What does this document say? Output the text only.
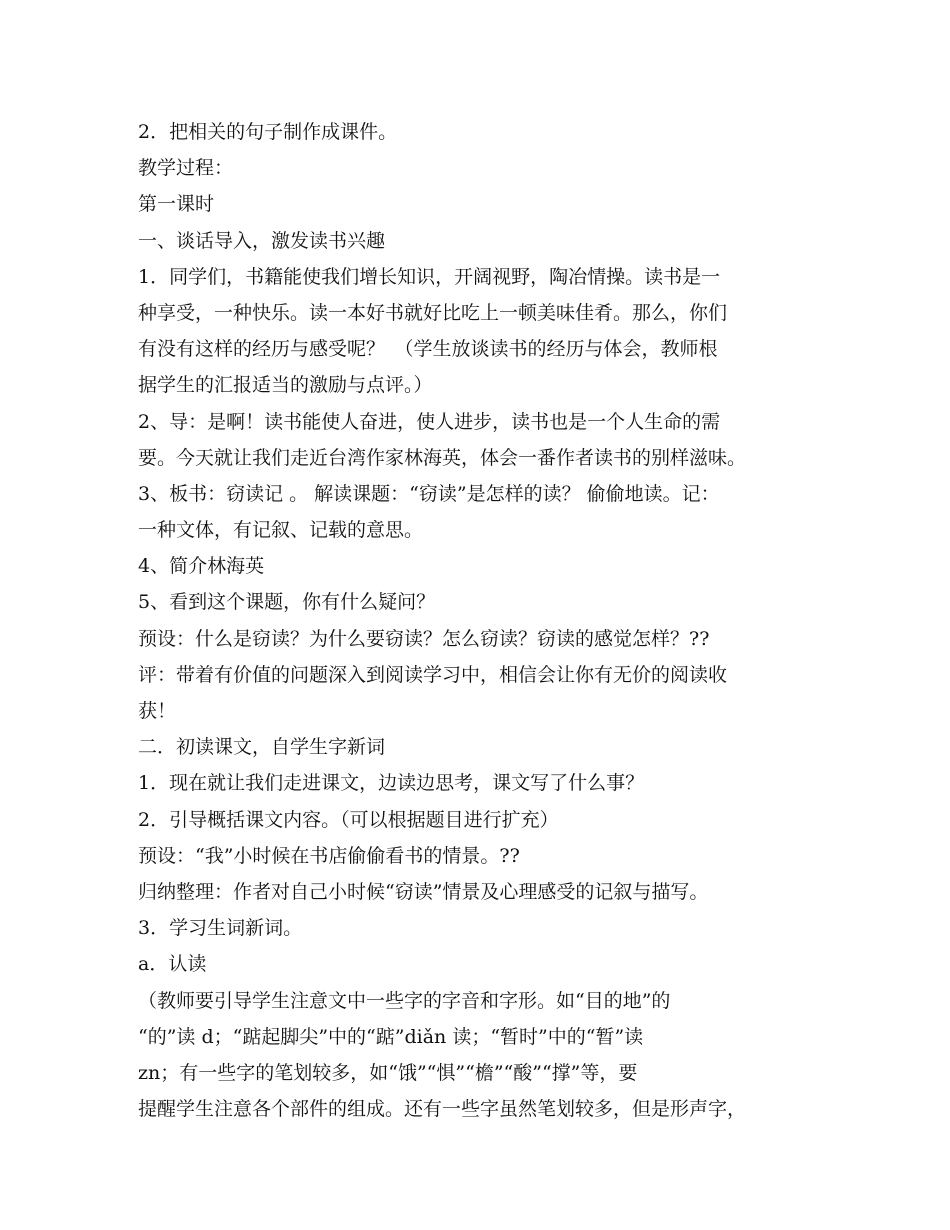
2．把相关的句子制作成课件。
教学过程：
第一课时
一、谈话导入，激发读书兴趣
1．同学们，书籍能使我们增长知识，开阔视野，陶冶情操。读书是一
种享受，一种快乐。读一本好书就好比吃上一顿美味佳肴。那么，你们
有没有这样的经历与感受呢？　（学生放谈读书的经历与体会，教师根
据学生的汇报适当的激励与点评。）
2、导：是啊！读书能使人奋进，使人进步，读书也是一个人生命的需
要。今天就让我们走近台湾作家林海英，体会一番作者读书的别样滋味。
3、板书：窃读记 。 解读课题：“窃读”是怎样的读？ 偷偷地读。记：
一种文体，有记叙、记载的意思。
4、简介林海英
5、看到这个课题，你有什么疑问？
预设：什么是窃读？为什么要窃读？怎么窃读？窃读的感觉怎样？??
评：带着有价值的问题深入到阅读学习中，相信会让你有无价的阅读收
获！
二．初读课文，自学生字新词
1．现在就让我们走进课文，边读边思考，课文写了什么事？
2．引导概括课文内容。（可以根据题目进行扩充）
预设：“我”小时候在书店偷偷看书的情景。??
归纳整理：作者对自己小时候“窃读”情景及心理感受的记叙与描写。
3．学习生词新词。
a．认读
（教师要引导学生注意文中一些字的字音和字形。如“目的地”的
“的”读 d；“踮起脚尖”中的“踮”diǎn 读；“暂时”中的“暂”读
zn；有一些字的笔划较多，如“饿”“惧”“檐”“酸”“撑”等，要
提醒学生注意各个部件的组成。还有一些字虽然笔划较多，但是形声字，
